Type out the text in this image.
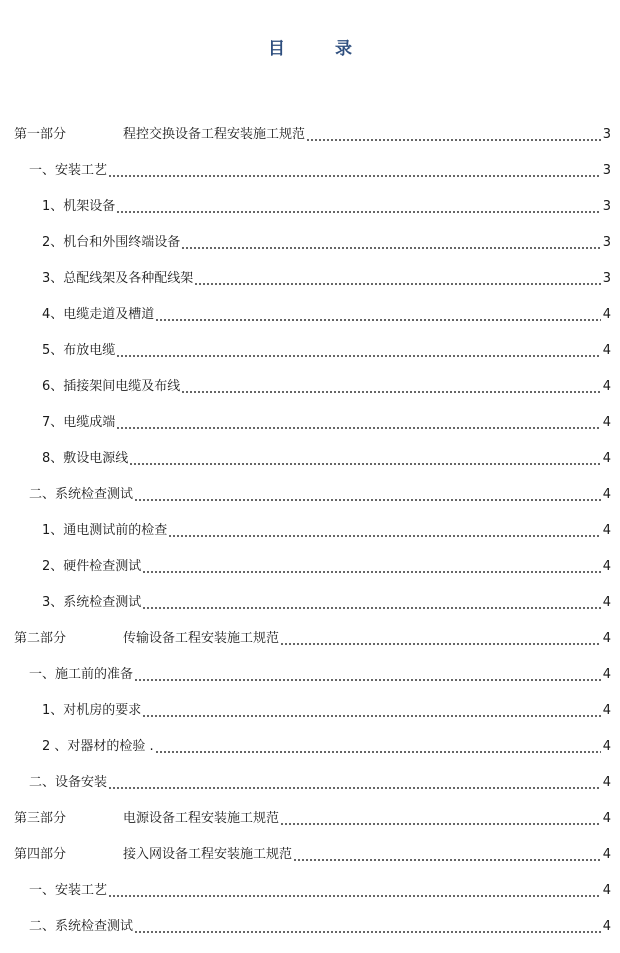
目 录
第一部分	程控交换设备工程安装施工规范	3
一、安装工艺	3
1、机架设备	3
2、机台和外围终端设备	3
3、总配线架及各种配线架	3
4、电缆走道及槽道	4
5、布放电缆	4
6、插接架间电缆及布线	4
7、电缆成端	4
8、敷设电源线	4
二、系统检查测试	4
1、通电测试前的检查	4
2、硬件检查测试	4
3、系统检查测试	4
第二部分	传输设备工程安装施工规范	4
一、施工前的准备	4
1、对机房的要求	4
2 、对器材的检验 .	4
二、设备安装	4
第三部分	电源设备工程安装施工规范	4
第四部分	接入网设备工程安装施工规范	4
一、安装工艺	4
二、系统检查测试	4
